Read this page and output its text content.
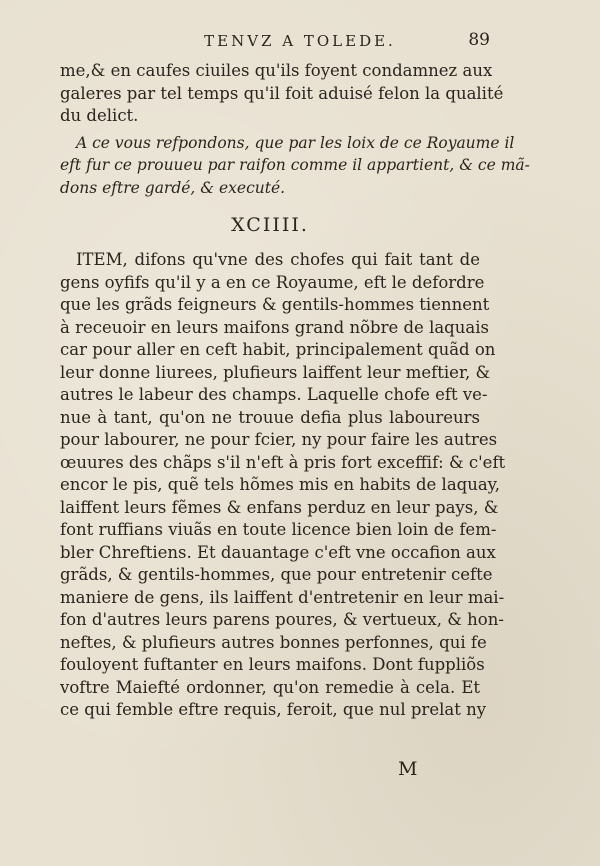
TENVZ A TOLEDE.	89
me,& en caufes ciuiles qu'ils foyent condamnez aux
galeres par tel temps qu'il foit aduisé felon la qualité
du delict.
A ce vous refpondons, que par les loix de ce Royaume il
eft fur ce prouueu par raifon comme il appartient, & ce mã-
dons eftre gardé, & executé.
XCIIII.
ITEM, difons qu'vne des chofes qui fait tant de
gens oyfifs qu'il y a en ce Royaume, eft le defordre
que les grãds feigneurs & gentils-hommes tiennent
à receuoir en leurs maifons grand nõbre de laquais
car pour aller en ceft habit, principalement quãd on
leur donne liurees, plufieurs laiffent leur meftier, &
autres le labeur des champs. Laquelle chofe eft ve-
nue à tant, qu'on ne trouue defia plus laboureurs
pour labourer, ne pour fcier, ny pour faire les autres
œuures des chãps s'il n'eft à pris fort exceffif: & c'eft
encor le pis, quẽ tels hõmes mis en habits de laquay,
laiffent leurs fẽmes & enfans perduz en leur pays, &
font ruffians viuãs en toute licence bien loin de fem-
bler Chreftiens. Et dauantage c'eft vne occafion aux
grãds, & gentils-hommes, que pour entretenir cefte
maniere de gens, ils laiffent d'entretenir en leur mai-
fon d'autres leurs parens poures, & vertueux, & hon-
neftes, & plufieurs autres bonnes perfonnes, qui fe
fouloyent fuftanter en leurs maifons. Dont fuppliõs
voftre Maiefté ordonner, qu'on remedie à cela. Et
ce qui femble eftre requis, feroit, que nul prelat ny
M
